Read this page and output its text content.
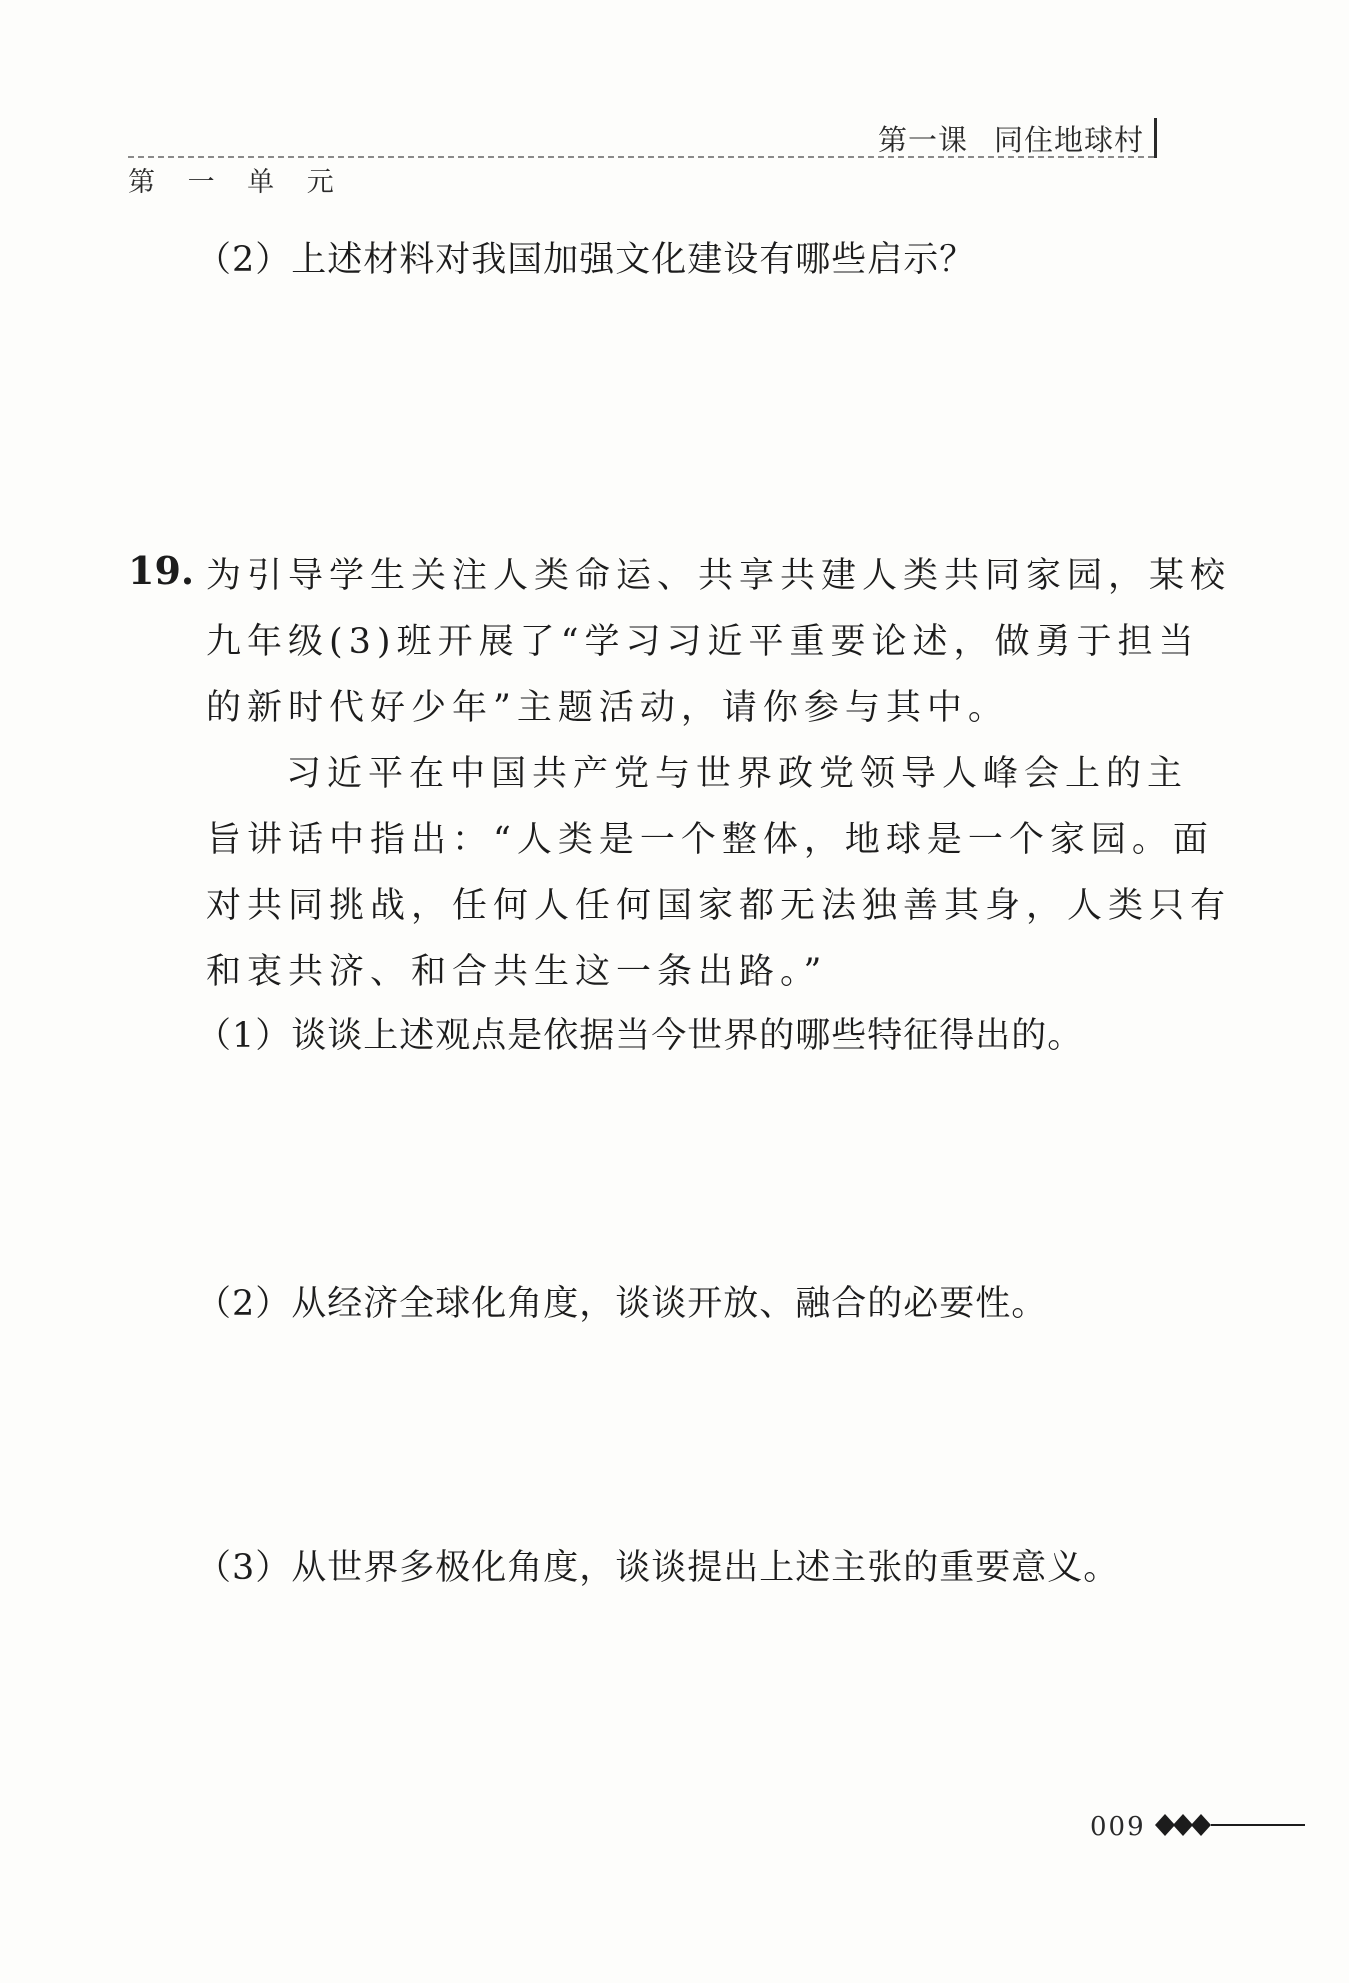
第一课 同住地球村
第 一 单 元
（2）上述材料对我国加强文化建设有哪些启示？
19. 为引导学生关注人类命运、共享共建人类共同家园，某校
九年级(3)班开展了“学习习近平重要论述，做勇于担当
的新时代好少年”主题活动，请你参与其中。
习近平在中国共产党与世界政党领导人峰会上的主
旨讲话中指出：“人类是一个整体，地球是一个家园。面
对共同挑战，任何人任何国家都无法独善其身，人类只有
和衷共济、和合共生这一条出路。”
（1）谈谈上述观点是依据当今世界的哪些特征得出的。
（2）从经济全球化角度，谈谈开放、融合的必要性。
（3）从世界多极化角度，谈谈提出上述主张的重要意义。
009
